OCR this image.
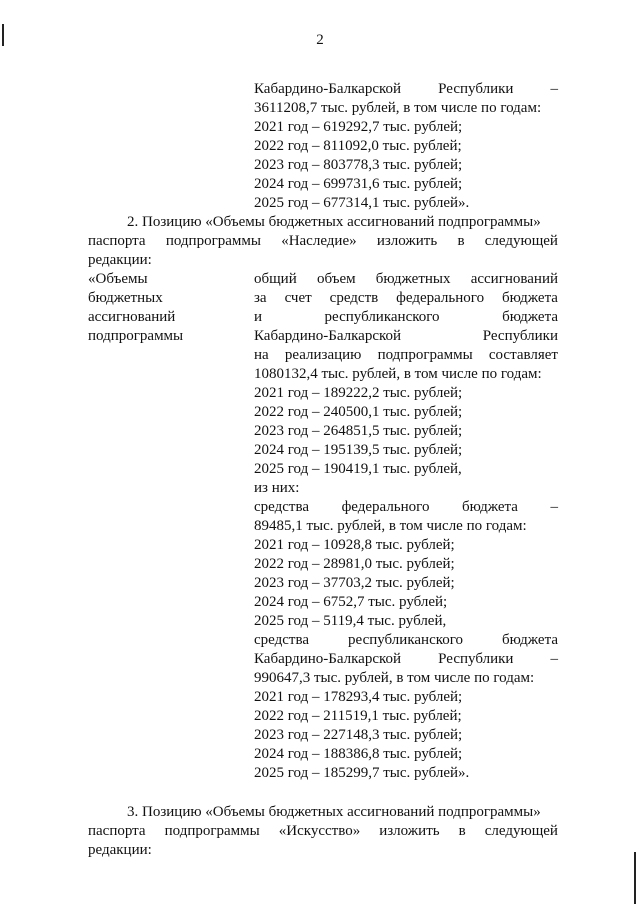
2
Кабардино-Балкарской Республики –
3611208,7 тыс. рублей, в том числе по годам:
2021 год – 619292,7 тыс. рублей;
2022 год – 811092,0 тыс. рублей;
2023 год – 803778,3 тыс. рублей;
2024 год – 699731,6 тыс. рублей;
2025 год – 677314,1 тыс. рублей».
2. Позицию «Объемы бюджетных ассигнований подпрограммы»
паспорта подпрограммы «Наследие» изложить в следующей
редакции:
«Объемы
бюджетных
ассигнований
подпрограммы
общий объем бюджетных ассигнований
за счет средств федерального бюджета
и	республиканского	бюджета
Кабардино-Балкарской	Республики
на реализацию подпрограммы составляет
1080132,4 тыс. рублей, в том числе по годам:
2021 год – 189222,2 тыс. рублей;
2022 год – 240500,1 тыс. рублей;
2023 год – 264851,5 тыс. рублей;
2024 год – 195139,5 тыс. рублей;
2025 год – 190419,1 тыс. рублей,
из них:
средства федерального бюджета –
89485,1 тыс. рублей, в том числе по годам:
2021 год – 10928,8 тыс. рублей;
2022 год – 28981,0 тыс. рублей;
2023 год – 37703,2 тыс. рублей;
2024 год – 6752,7 тыс. рублей;
2025 год – 5119,4 тыс. рублей,
средства	республиканского	бюджета
Кабардино-Балкарской Республики –
990647,3 тыс. рублей, в том числе по годам:
2021 год – 178293,4 тыс. рублей;
2022 год – 211519,1 тыс. рублей;
2023 год – 227148,3 тыс. рублей;
2024 год – 188386,8 тыс. рублей;
2025 год – 185299,7 тыс. рублей».
3. Позицию «Объемы бюджетных ассигнований подпрограммы»
паспорта подпрограммы «Искусство» изложить в следующей
редакции:
